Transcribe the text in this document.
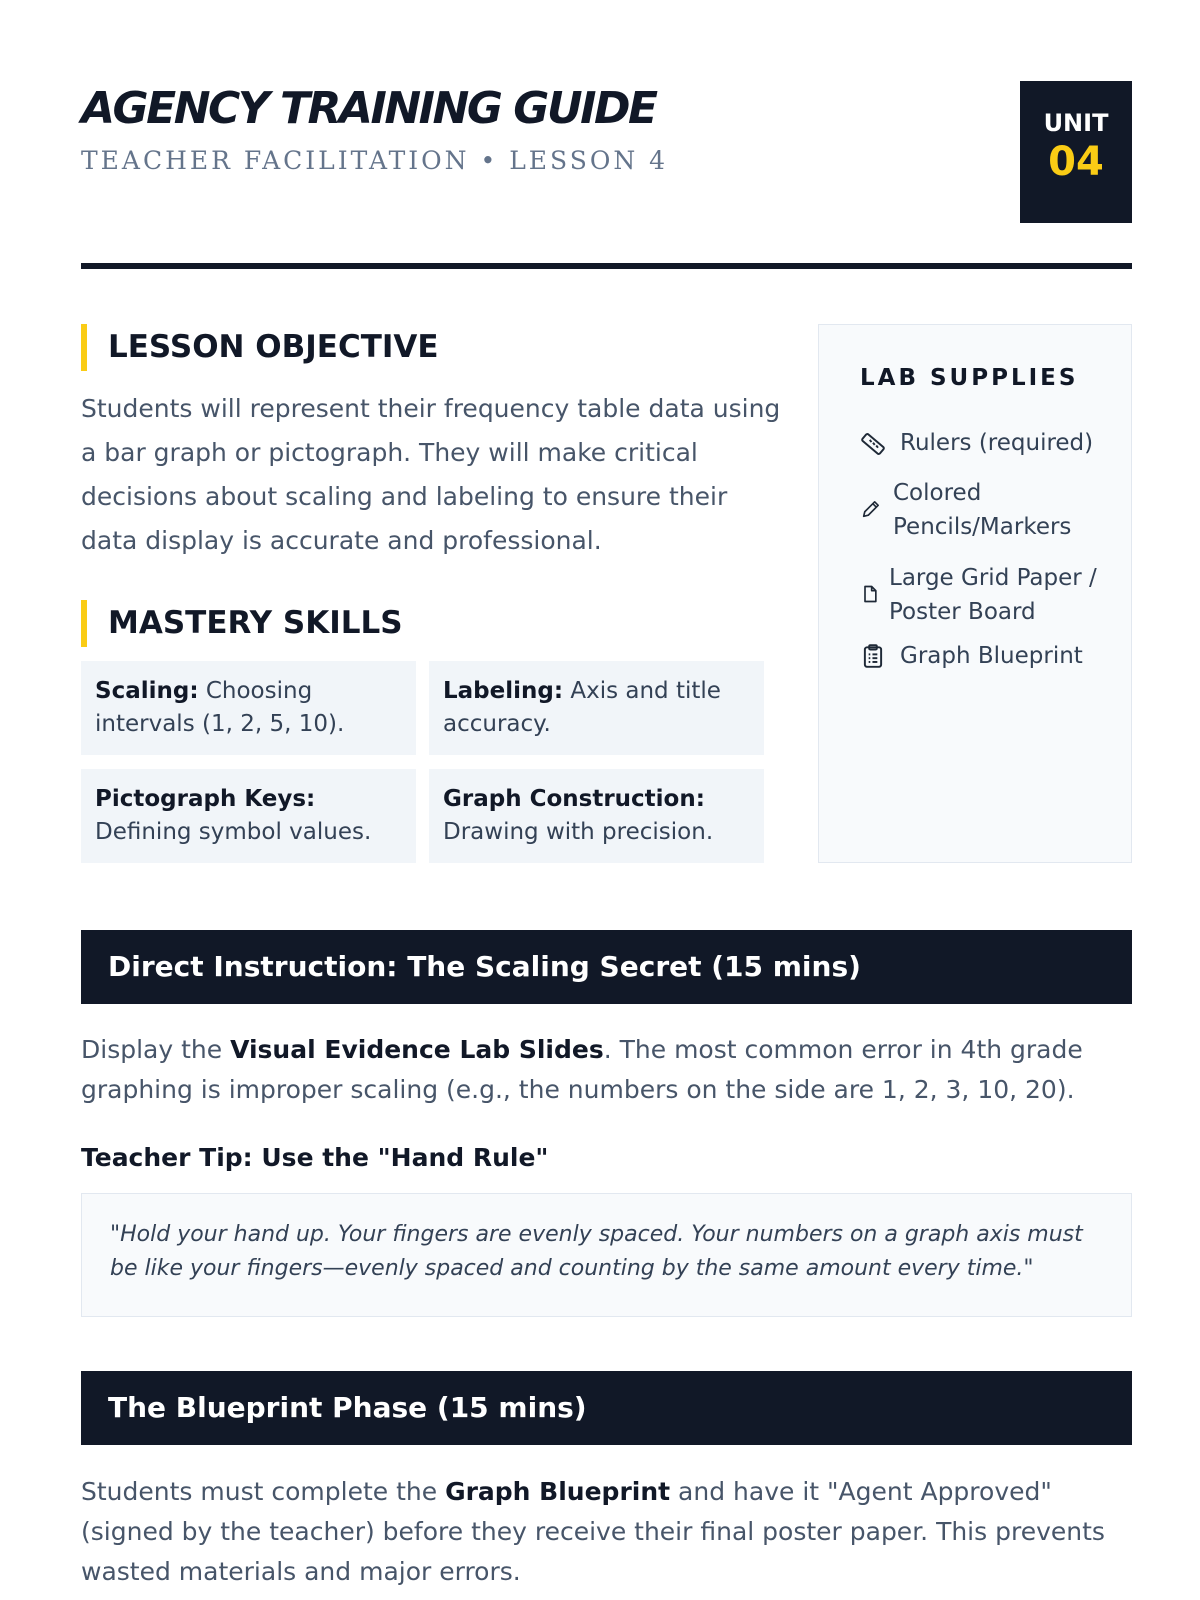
AGENCY TRAINING GUIDE
TEACHER FACILITATION • LESSON 4
UNIT
04
LESSON OBJECTIVE
Students will represent their frequency table data using a bar graph or pictograph. They will make critical decisions about scaling and labeling to ensure their data display is accurate and professional.
MASTERY SKILLS
Scaling: Choosing intervals (1, 2, 5, 10).
Labeling: Axis and title accuracy.
Pictograph Keys: Defining symbol values.
Graph Construction: Drawing with precision.
LAB SUPPLIES
Rulers (required)
Colored Pencils/Markers
Large Grid Paper / Poster Board
Graph Blueprint
Direct Instruction: The Scaling Secret (15 mins)
Display the Visual Evidence Lab Slides. The most common error in 4th grade graphing is improper scaling (e.g., the numbers on the side are 1, 2, 3, 10, 20).
Teacher Tip: Use the "Hand Rule"
"Hold your hand up. Your fingers are evenly spaced. Your numbers on a graph axis must be like your fingers—evenly spaced and counting by the same amount every time."
The Blueprint Phase (15 mins)
Students must complete the Graph Blueprint and have it "Agent Approved" (signed by the teacher) before they receive their final poster paper. This prevents wasted materials and major errors.
